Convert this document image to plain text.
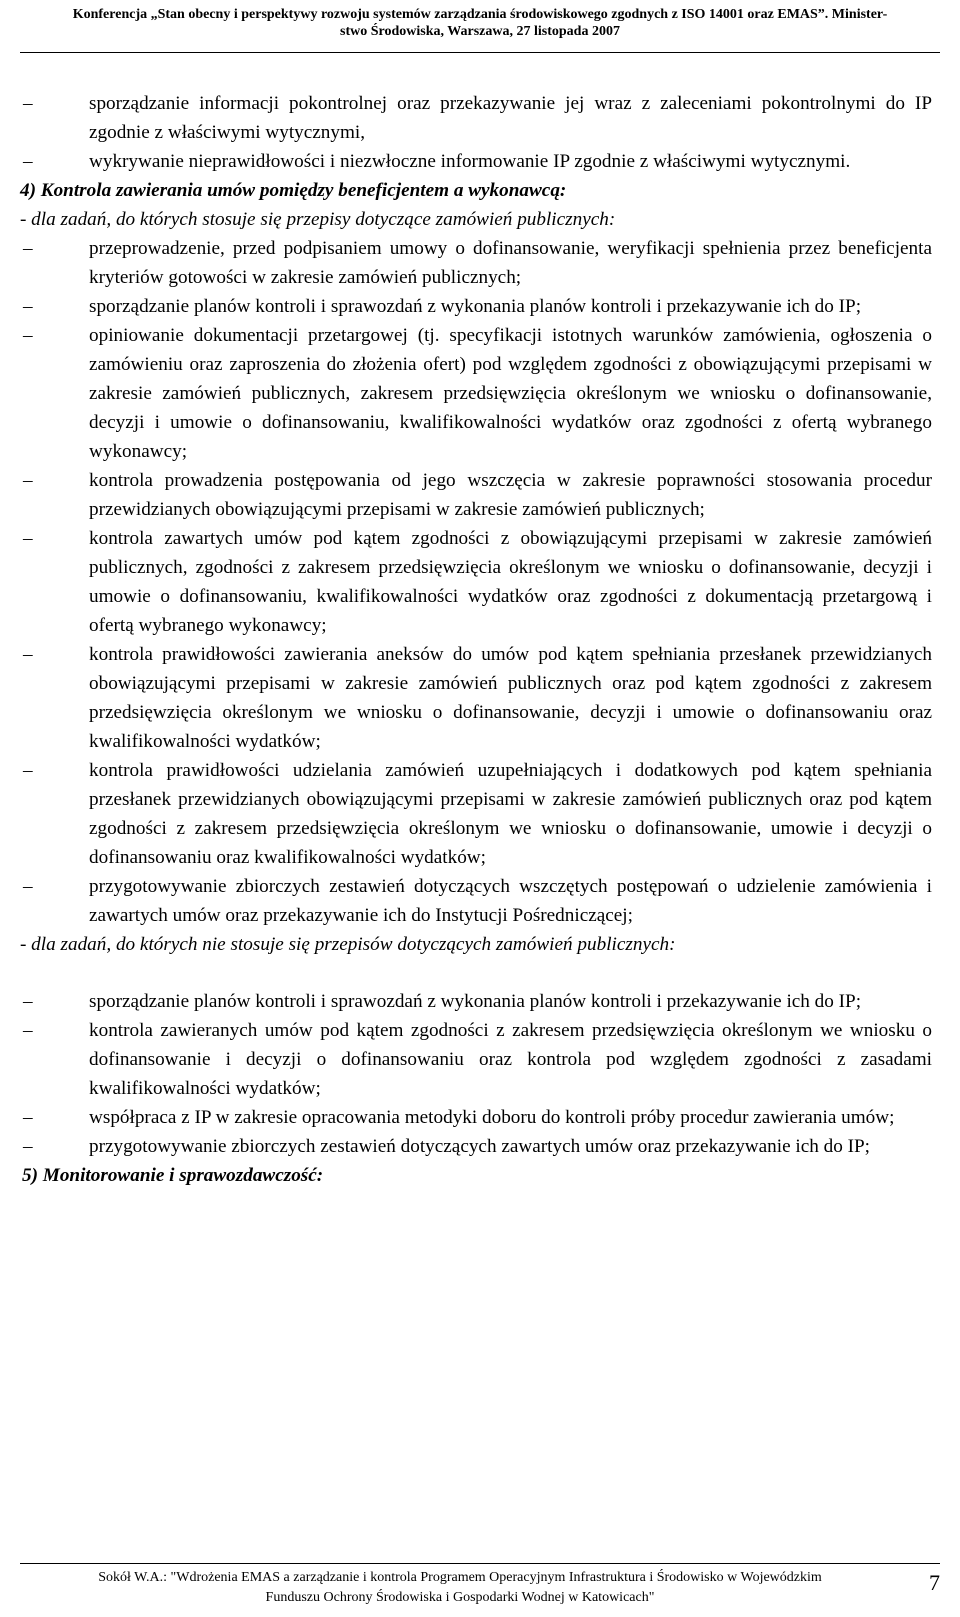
Konferencja „Stan obecny i perspektywy rozwoju systemów zarządzania środowiskowego zgodnych z ISO 14001 oraz EMAS”. Minister-
stwo Środowiska, Warszawa, 27 listopada 2007
–	sporządzanie informacji pokontrolnej oraz przekazywanie jej wraz z zaleceniami pokontrolnymi do IP zgodnie z właściwymi wytycznymi,
–	wykrywanie nieprawidłowości i niezwłoczne informowanie IP zgodnie z właściwymi wytycznymi.
4) Kontrola zawierania umów pomiędzy beneficjentem a wykonawcą:
- dla zadań, do których stosuje się przepisy dotyczące zamówień publicznych:
–	przeprowadzenie, przed podpisaniem umowy o dofinansowanie, weryfikacji spełnienia przez beneficjenta kryteriów gotowości w zakresie zamówień publicznych;
–	sporządzanie planów kontroli i sprawozdań z wykonania planów kontroli i przekazywanie ich do IP;
–	opiniowanie dokumentacji przetargowej (tj. specyfikacji istotnych warunków zamówienia, ogłoszenia o zamówieniu oraz zaproszenia do złożenia ofert) pod względem zgodności z obowiązującymi przepisami w zakresie zamówień publicznych, zakresem przedsięwzięcia określonym we wniosku o dofinansowanie, decyzji i umowie o dofinansowaniu, kwalifikowalności wydatków oraz zgodności z ofertą wybranego wykonawcy;
–	kontrola prowadzenia postępowania od jego wszczęcia w zakresie poprawności stosowania procedur przewidzianych obowiązującymi przepisami w zakresie zamówień publicznych;
–	kontrola zawartych umów pod kątem zgodności z obowiązującymi przepisami w zakresie zamówień publicznych, zgodności z zakresem przedsięwzięcia określonym we wniosku o dofinansowanie, decyzji i umowie o dofinansowaniu, kwalifikowalności wydatków oraz zgodności z dokumentacją przetargową i ofertą wybranego wykonawcy;
–	kontrola prawidłowości zawierania aneksów do umów pod kątem spełniania przesłanek przewidzianych obowiązującymi przepisami w zakresie zamówień publicznych oraz pod kątem zgodności z zakresem przedsięwzięcia określonym we wniosku o dofinansowanie, decyzji i umowie o dofinansowaniu oraz kwalifikowalności wydatków;
–	kontrola prawidłowości udzielania zamówień uzupełniających i dodatkowych pod kątem spełniania przesłanek przewidzianych obowiązującymi przepisami w zakresie zamówień publicznych oraz pod kątem zgodności z zakresem przedsięwzięcia określonym we wniosku o dofinansowanie, umowie i decyzji o dofinansowaniu oraz kwalifikowalności wydatków;
–	przygotowywanie zbiorczych zestawień dotyczących wszczętych postępowań o udzielenie zamówienia i zawartych umów oraz przekazywanie ich do Instytucji Pośredniczącej;
- dla zadań, do których nie stosuje się przepisów dotyczących zamówień publicznych:
–	sporządzanie planów kontroli i sprawozdań z wykonania planów kontroli i przekazywanie ich do IP;
–	kontrola zawieranych umów pod kątem zgodności z zakresem przedsięwzięcia określonym we wniosku o dofinansowanie i decyzji o dofinansowaniu oraz kontrola pod względem zgodności z zasadami kwalifikowalności wydatków;
–	współpraca z IP w zakresie opracowania metodyki doboru do kontroli próby procedur zawierania umów;
–	przygotowywanie zbiorczych zestawień dotyczących zawartych umów oraz przekazywanie ich do IP;
5) Monitorowanie i sprawozdawczość:
Sokół W.A.: "Wdrożenia EMAS a zarządzanie i kontrola Programem Operacyjnym Infrastruktura i Środowisko w Wojewódzkim
Funduszu Ochrony Środowiska i Gospodarki Wodnej w Katowicach"
7
